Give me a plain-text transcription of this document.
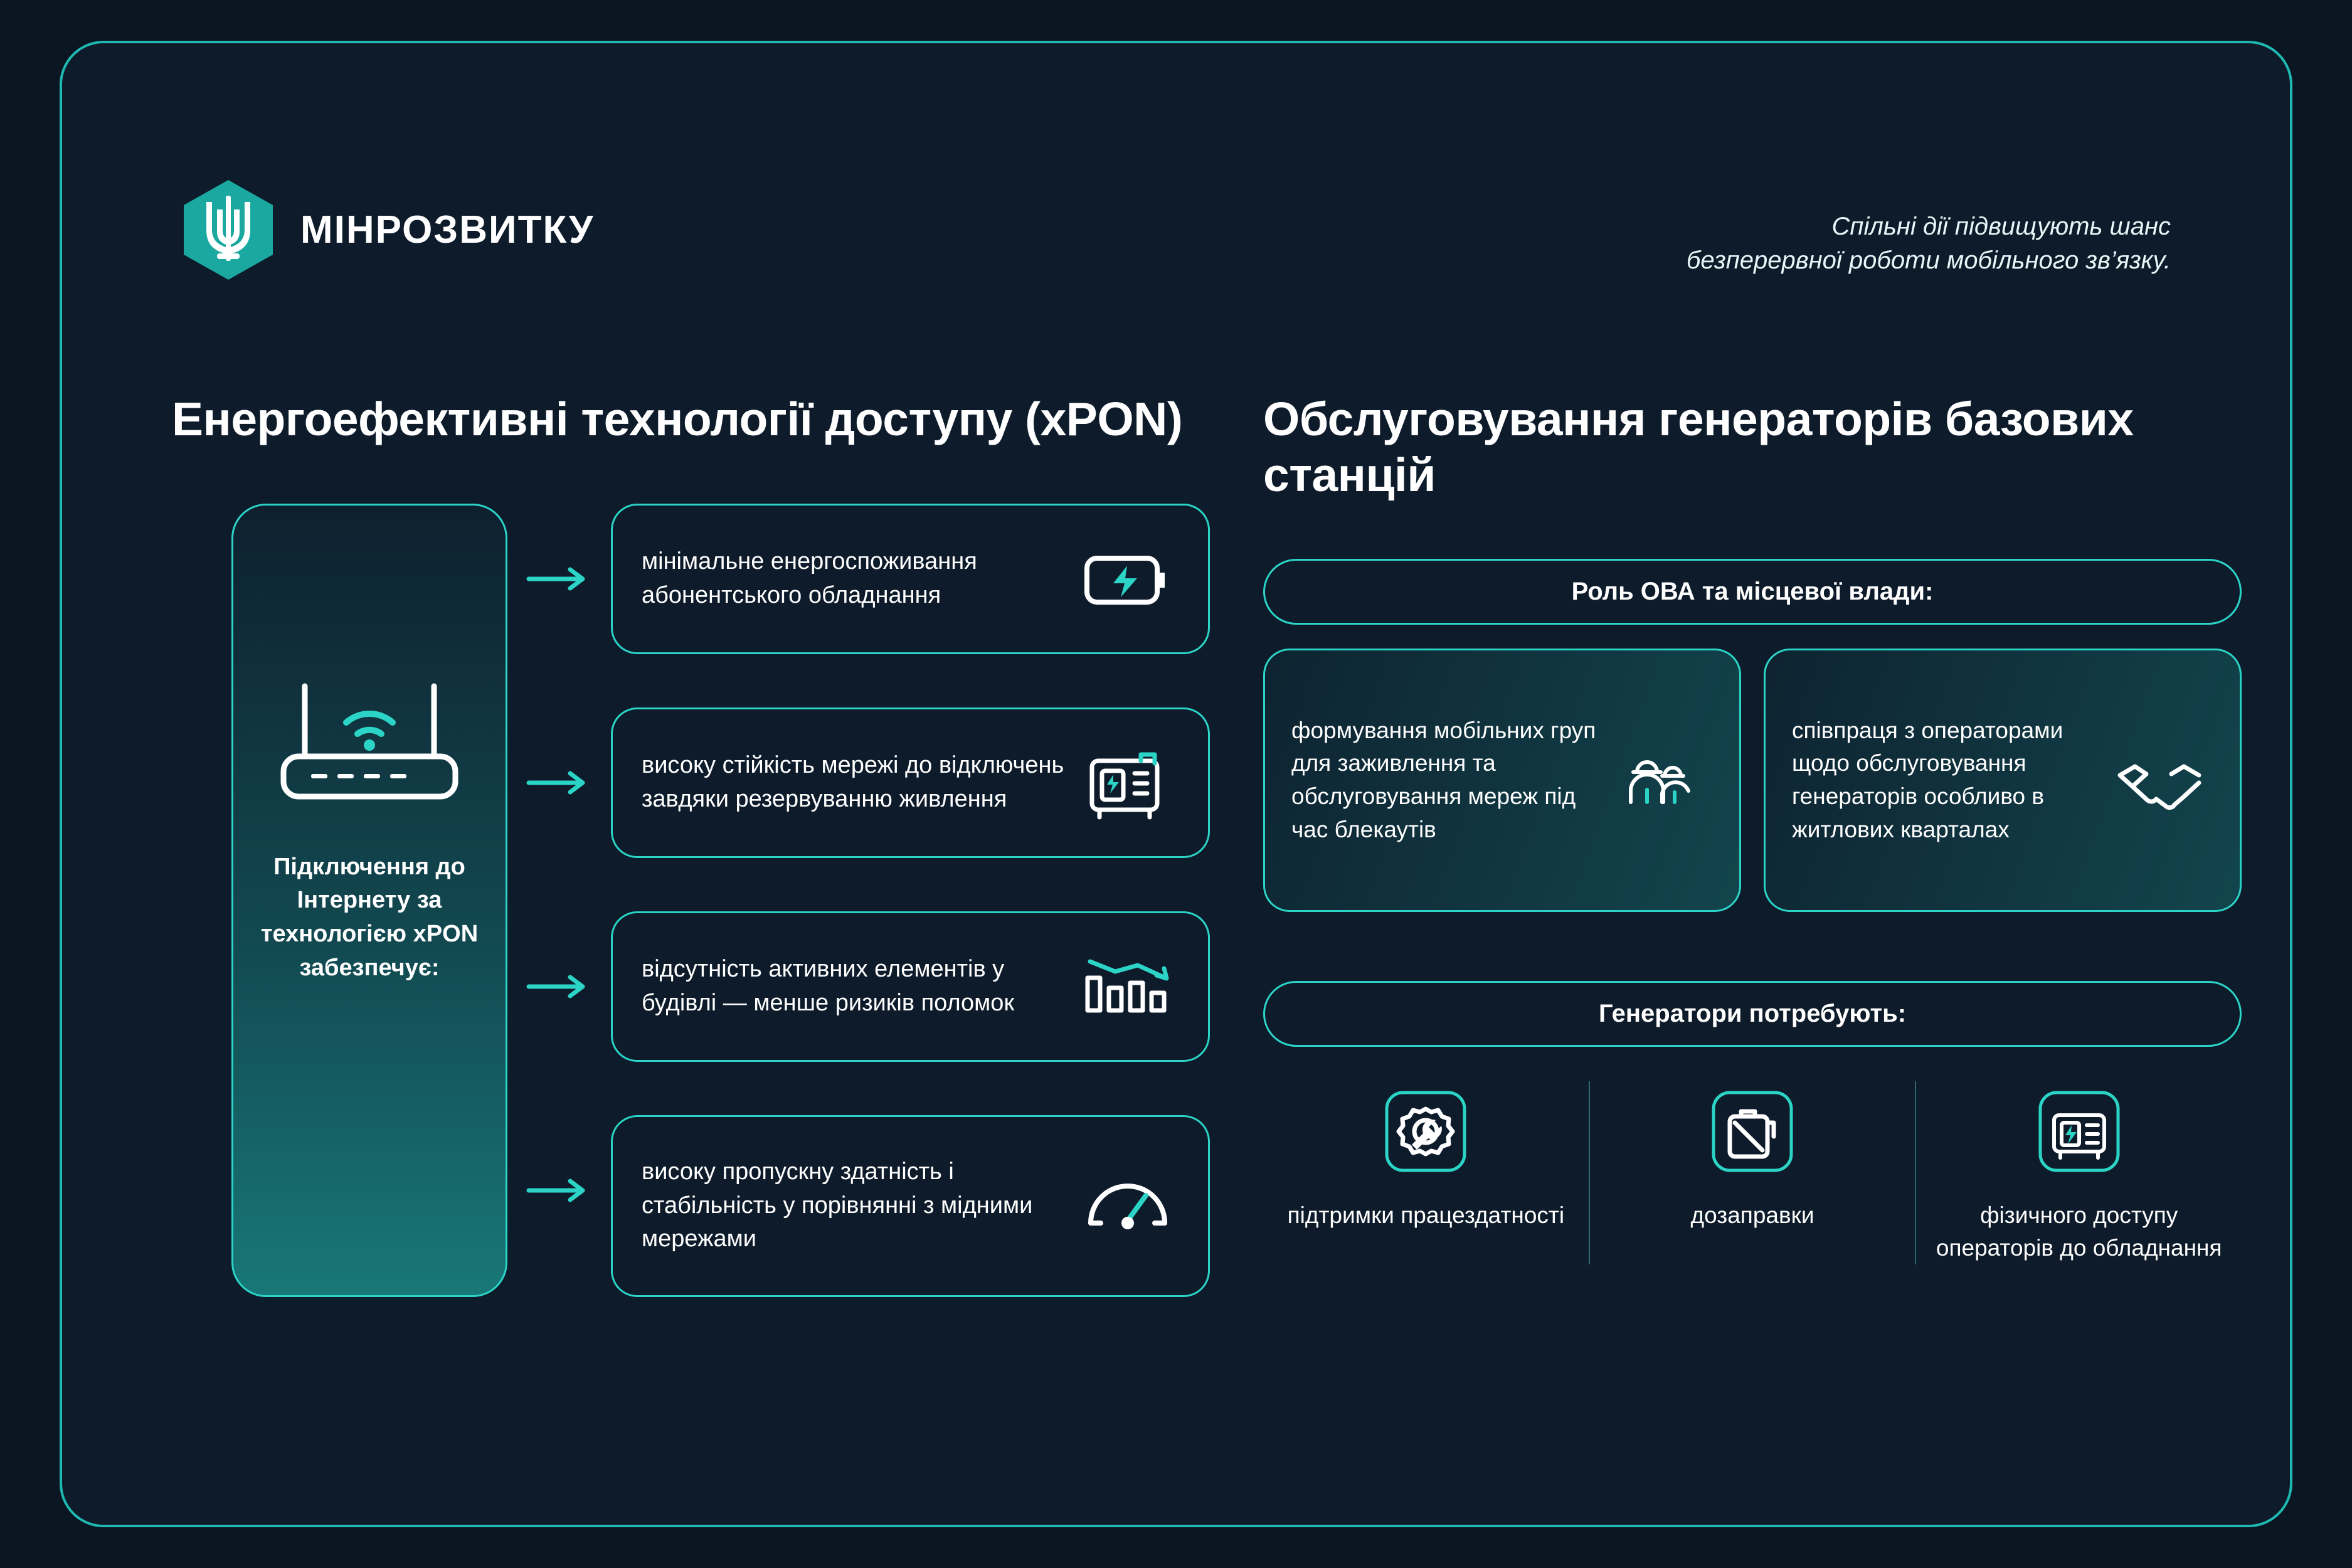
МІНРОЗВИТКУ	Спільні дії підвищують шанс
безперервної роботи мобільного зв’язку.
Енергоефективні технології доступу (xPON)
Підключення до Інтернету за технологією xPON забезпечує:
мінімальне енергоспоживання абонентського обладнання
високу стійкість мережі до відключень завдяки резервуванню живлення
відсутність активних елементів у будівлі — менше ризиків поломок
високу пропускну здатність і стабільність у порівнянні з мідними мережами
Обслуговування генераторів базових станцій
Роль ОВА та місцевої влади:
формування мобільних груп для заживлення та обслуговування мереж під час блекаутів
співпраця з операторами щодо обслуговування генераторів особливо в житлових кварталах
Генератори потребують:
підтримки працездатності	дозаправки	фізичного доступу операторів до обладнання
